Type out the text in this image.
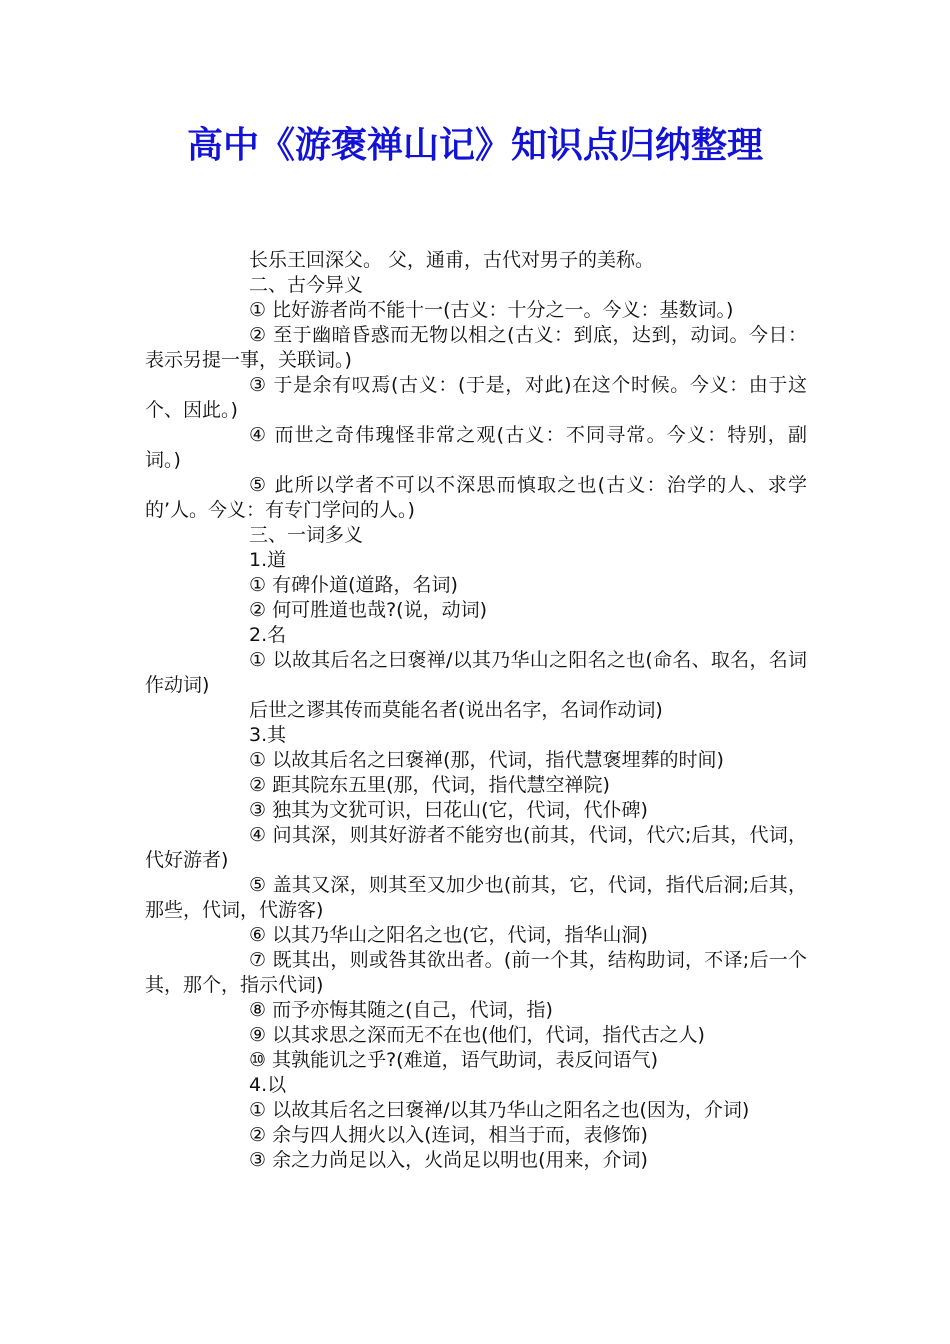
高中《游褒禅山记》知识点归纳整理

长乐王回深父。 父，通甫，古代对男子的美称。

二、古今异义

① 比好游者尚不能十一(古义：十分之一。今义：基数词。)

② 至于幽暗昏惑而无物以相之(古义：到底，达到，动词。今日：表示另提一事，关联词。)

③ 于是余有叹焉(古义：(于是，对此)在这个时候。今义：由于这个、因此。)

④ 而世之奇伟瑰怪非常之观(古义：不同寻常。今义：特别，副词。)

⑤ 此所以学者不可以不深思而慎取之也(古义：治学的人、求学的’人。今义：有专门学问的人。)

三、一词多义

1.道

① 有碑仆道(道路，名词)

② 何可胜道也哉?(说，动词)

2.名

① 以故其后名之曰褒禅/以其乃华山之阳名之也(命名、取名，名词作动词)

后世之谬其传而莫能名者(说出名字，名词作动词)

3.其

① 以故其后名之曰褒禅(那，代词，指代慧褒埋葬的时间)

② 距其院东五里(那，代词，指代慧空禅院)

③ 独其为文犹可识，曰花山(它，代词，代仆碑)

④ 问其深，则其好游者不能穷也(前其，代词，代穴;后其，代词，代好游者)

⑤ 盖其又深，则其至又加少也(前其，它，代词，指代后洞;后其，那些，代词，代游客)

⑥ 以其乃华山之阳名之也(它，代词，指华山洞)

⑦ 既其出，则或咎其欲出者。(前一个其，结构助词，不译;后一个其，那个，指示代词)

⑧ 而予亦悔其随之(自己，代词，指)

⑨ 以其求思之深而无不在也(他们，代词，指代古之人)

⑩ 其孰能讥之乎?(难道，语气助词，表反问语气)

4.以

① 以故其后名之曰褒禅/以其乃华山之阳名之也(因为，介词)

② 余与四人拥火以入(连词，相当于而，表修饰)

③ 余之力尚足以入，火尚足以明也(用来，介词)
